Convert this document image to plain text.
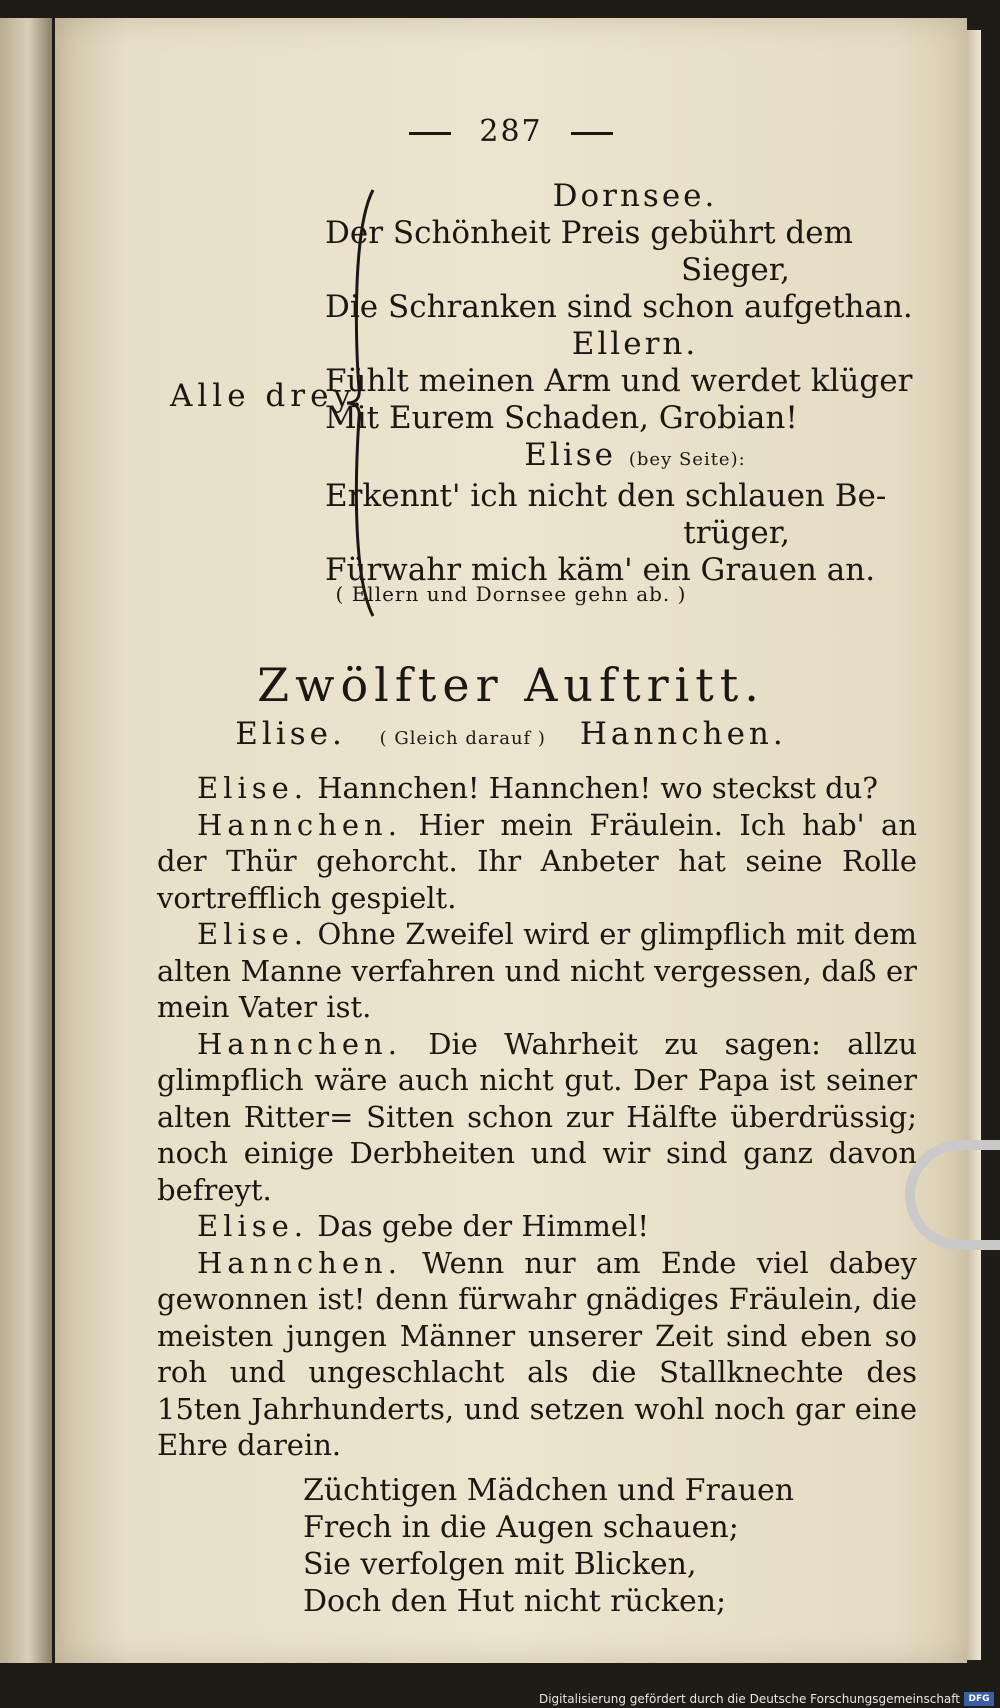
287
Alle drey.
Dornsee.
Der Schönheit Preis gebührt dem
Sieger,
Die Schranken sind schon aufgethan.
Ellern.
Fühlt meinen Arm und werdet klüger
Mit Eurem Schaden, Grobian!
Elise (bey Seite):
Erkennt' ich nicht den schlauen Be-
trüger,
Fürwahr mich käm' ein Grauen an.
( Ellern und Dornsee gehn ab. )
Zwölfter Auftritt.
Elise. ( Gleich darauf ) Hannchen.

Elise. Hannchen! Hannchen! wo steckst du?

Hannchen. Hier mein Fräulein. Ich hab' an der Thür gehorcht. Ihr Anbeter hat seine Rolle vortrefflich gespielt.

Elise. Ohne Zweifel wird er glimpflich mit dem alten Manne verfahren und nicht vergessen, daß er mein Vater ist.

Hannchen. Die Wahrheit zu sagen: allzu glimpflich wäre auch nicht gut. Der Papa ist seiner alten Ritter= Sitten schon zur Hälfte überdrüssig; noch einige Derbheiten und wir sind ganz davon befreyt.

Elise. Das gebe der Himmel!

Hannchen. Wenn nur am Ende viel dabey gewonnen ist! denn fürwahr gnädiges Fräulein, die meisten jungen Männer unserer Zeit sind eben so roh und ungeschlacht als die Stallknechte des 15ten Jahrhunderts, und setzen wohl noch gar eine Ehre darein.

Züchtigen Mädchen und Frauen
Frech in die Augen schauen;
Sie verfolgen mit Blicken,
Doch den Hut nicht rücken;
Digitalisierung gefördert durch die Deutsche Forschungsgemeinschaft DFG
